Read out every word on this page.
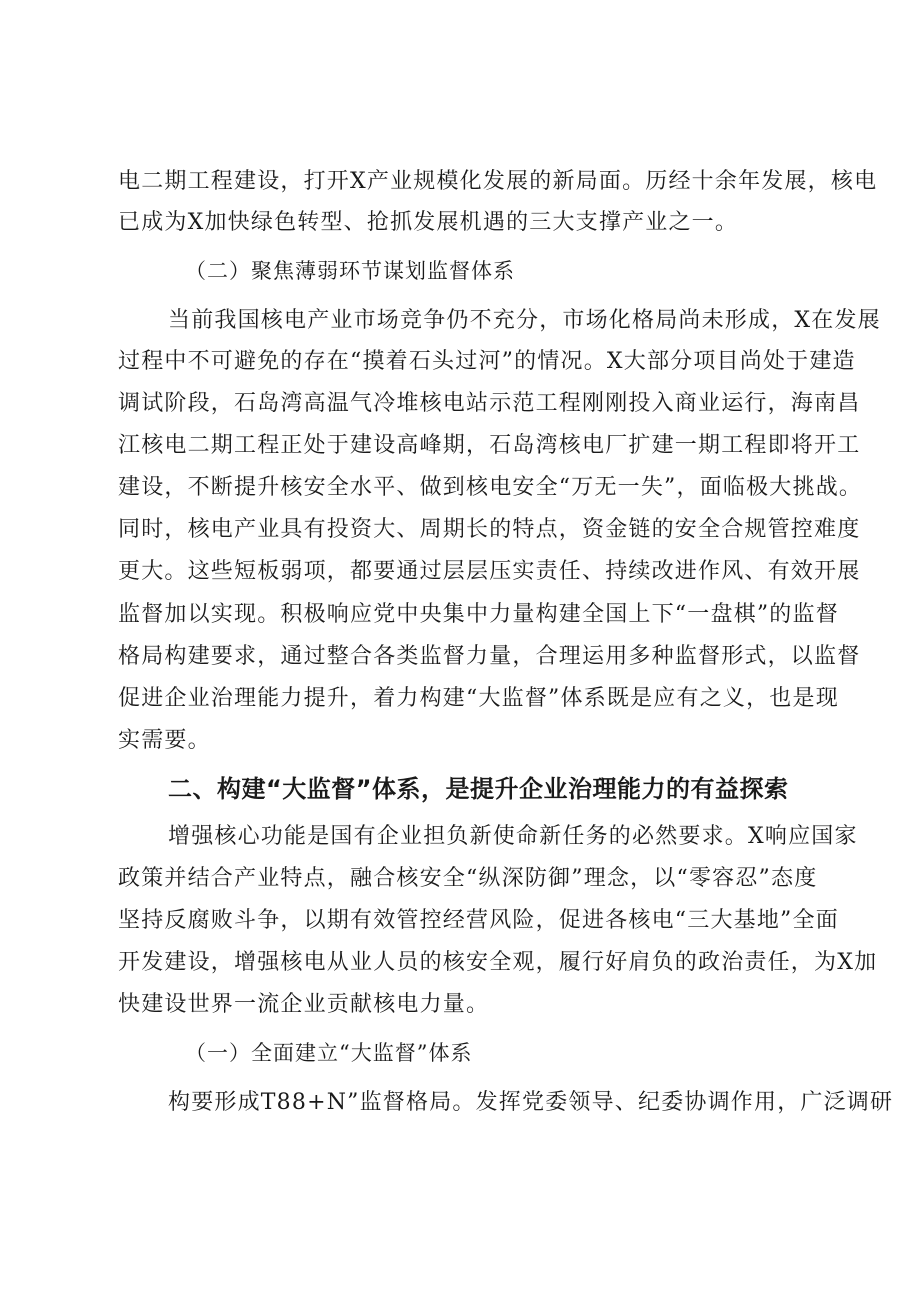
电二期工程建设，打开X产业规模化发展的新局面。历经十余年发展，核电
已成为X加快绿色转型、抢抓发展机遇的三大支撑产业之一。
（二）聚焦薄弱环节谋划监督体系
当前我国核电产业市场竞争仍不充分，市场化格局尚未形成，X在发展
过程中不可避免的存在“摸着石头过河”的情况。X大部分项目尚处于建造
调试阶段，石岛湾高温气冷堆核电站示范工程刚刚投入商业运行，海南昌
江核电二期工程正处于建设高峰期，石岛湾核电厂扩建一期工程即将开工
建设，不断提升核安全水平、做到核电安全“万无一失”，面临极大挑战。
同时，核电产业具有投资大、周期长的特点，资金链的安全合规管控难度
更大。这些短板弱项，都要通过层层压实责任、持续改进作风、有效开展
监督加以实现。积极响应党中央集中力量构建全国上下“一盘棋”的监督
格局构建要求，通过整合各类监督力量，合理运用多种监督形式，以监督
促进企业治理能力提升，着力构建“大监督”体系既是应有之义，也是现
实需要。
二、构建“大监督”体系，是提升企业治理能力的有益探索
增强核心功能是国有企业担负新使命新任务的必然要求。X响应国家
政策并结合产业特点，融合核安全“纵深防御”理念，以“零容忍”态度
坚持反腐败斗争，以期有效管控经营风险，促进各核电“三大基地”全面
开发建设，增强核电从业人员的核安全观，履行好肩负的政治责任，为X加
快建设世界一流企业贡献核电力量。
（一）全面建立“大监督”体系
构要形成T88+N”监督格局。发挥党委领导、纪委协调作用，广泛调研
